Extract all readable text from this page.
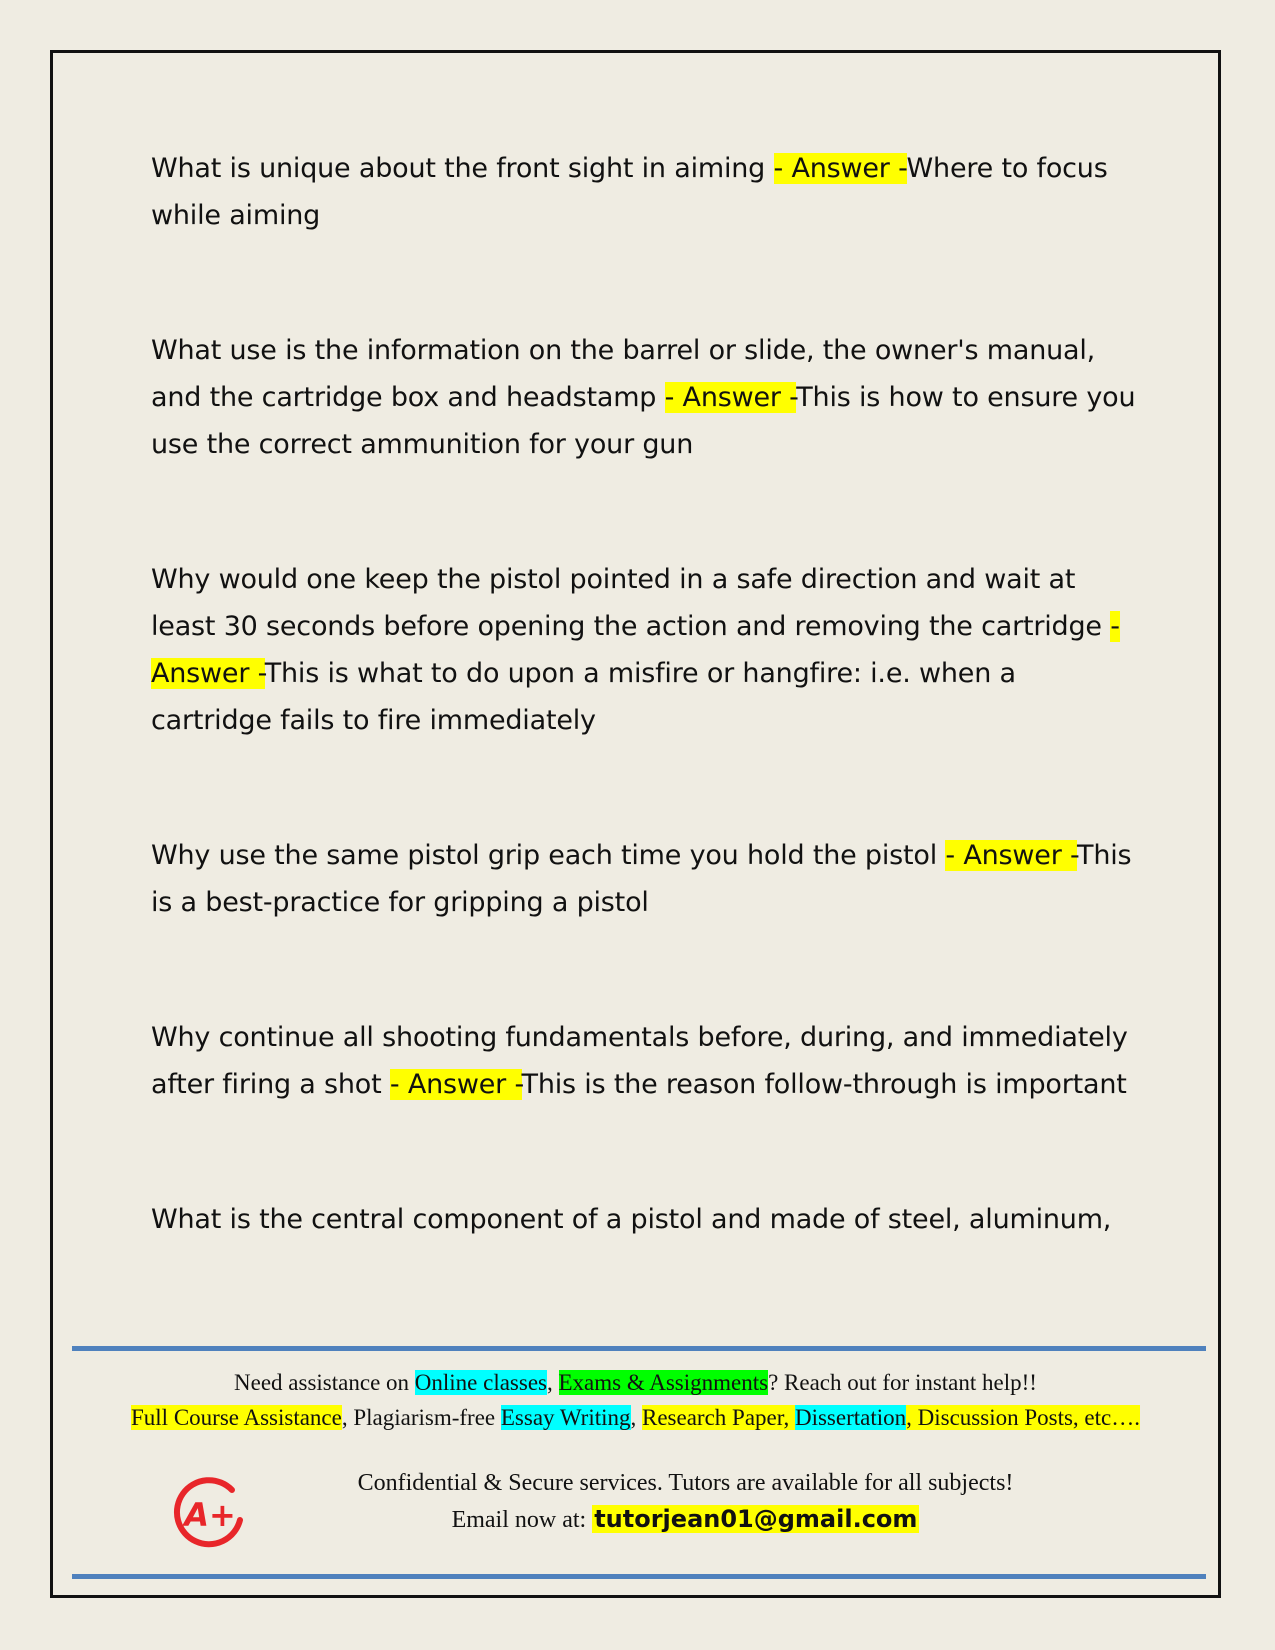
What is unique about the front sight in aiming - Answer -Where to focus while aiming

What use is the information on the barrel or slide, the owner's manual, and the cartridge box and headstamp - Answer -This is how to ensure you use the correct ammunition for your gun

Why would one keep the pistol pointed in a safe direction and wait at least 30 seconds before opening the action and removing the cartridge - Answer -This is what to do upon a misfire or hangfire: i.e. when a cartridge fails to fire immediately

Why use the same pistol grip each time you hold the pistol - Answer -This is a best-practice for gripping a pistol

Why continue all shooting fundamentals before, during, and immediately after firing a shot - Answer -This is the reason follow-through is important

What is the central component of a pistol and made of steel, aluminum,

Need assistance on Online classes, Exams & Assignments? Reach out for instant help!!
Full Course Assistance, Plagiarism-free Essay Writing, Research Paper, Dissertation, Discussion Posts, etc….
A+
Confidential & Secure services. Tutors are available for all subjects!
Email now at: tutorjean01@gmail.com
